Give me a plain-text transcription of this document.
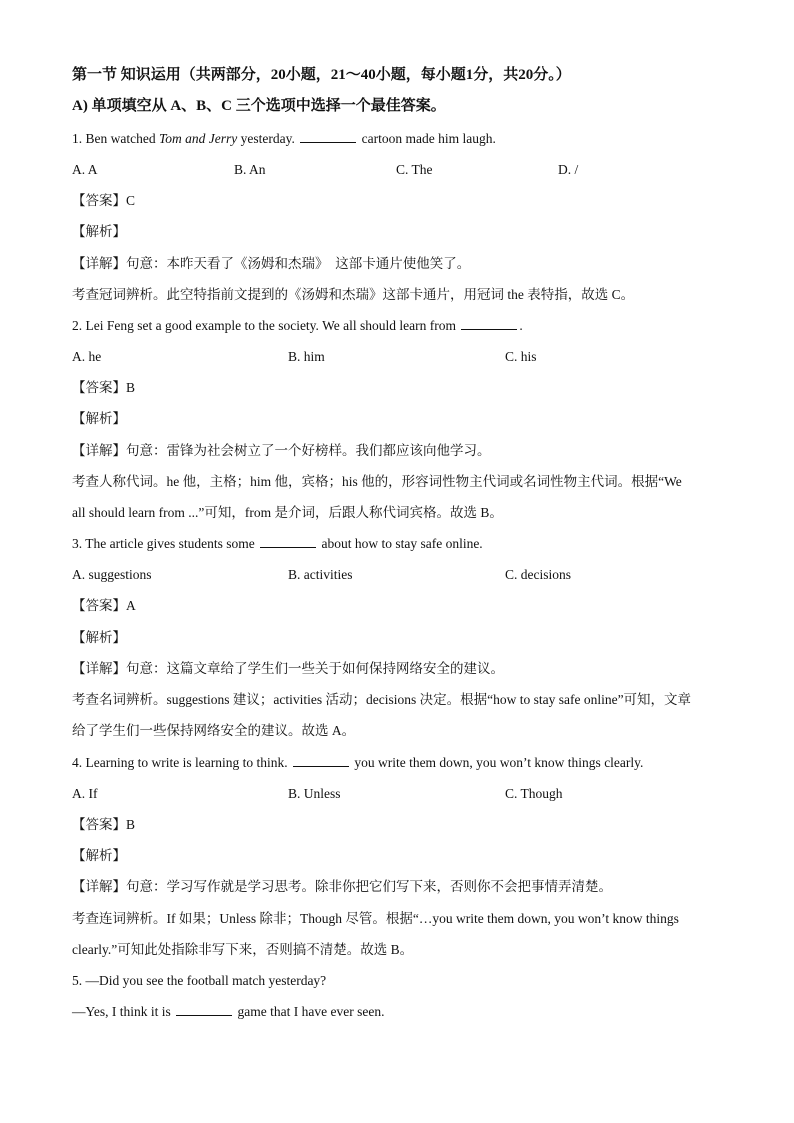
第一节 知识运用（共两部分，20小题，21～40小题，每小题1分，共20分。）
A) 单项填空从 A、B、C 三个选项中选择一个最佳答案。
1. Ben watched Tom and Jerry yesterday.	cartoon made him laugh.
A. A	B. An	C. The	D. /
【答案】C
【解析】
【详解】句意：本昨天看了《汤姆和杰瑞》　这部卡通片使他笑了。
考查冠词辨析。此空特指前文提到的《汤姆和杰瑞》这部卡通片，用冠词 the 表特指，故选 C。
2. Lei Feng set a good example to the society. We all should learn from	.
A. he	B. him	C. his
【答案】B
【解析】
【详解】句意：雷锋为社会树立了一个好榜样。我们都应该向他学习。
考查人称代词。he 他，主格；him 他，宾格；his 他的，形容词性物主代词或名词性物主代词。根据“We
all should learn from ...”可知，from 是介词，后跟人称代词宾格。故选 B。
3. The article gives students some	about how to stay safe online.
A. suggestions	B. activities	C. decisions
【答案】A
【解析】
【详解】句意：这篇文章给了学生们一些关于如何保持网络安全的建议。
考查名词辨析。suggestions 建议；activities 活动；decisions 决定。根据“how to stay safe online”可知，文章
给了学生们一些保持网络安全的建议。故选 A。
4. Learning to write is learning to think.	you write them down, you won’t know things clearly.
A. If	B. Unless	C. Though
【答案】B
【解析】
【详解】句意：学习写作就是学习思考。除非你把它们写下来，否则你不会把事情弄清楚。
考查连词辨析。If 如果；Unless 除非；Though 尽管。根据“…you write them down, you won’t know things
clearly.”可知此处指除非写下来，否则搞不清楚。故选 B。
5. —Did you see the football match yesterday?
—Yes, I think it is	game that I have ever seen.
